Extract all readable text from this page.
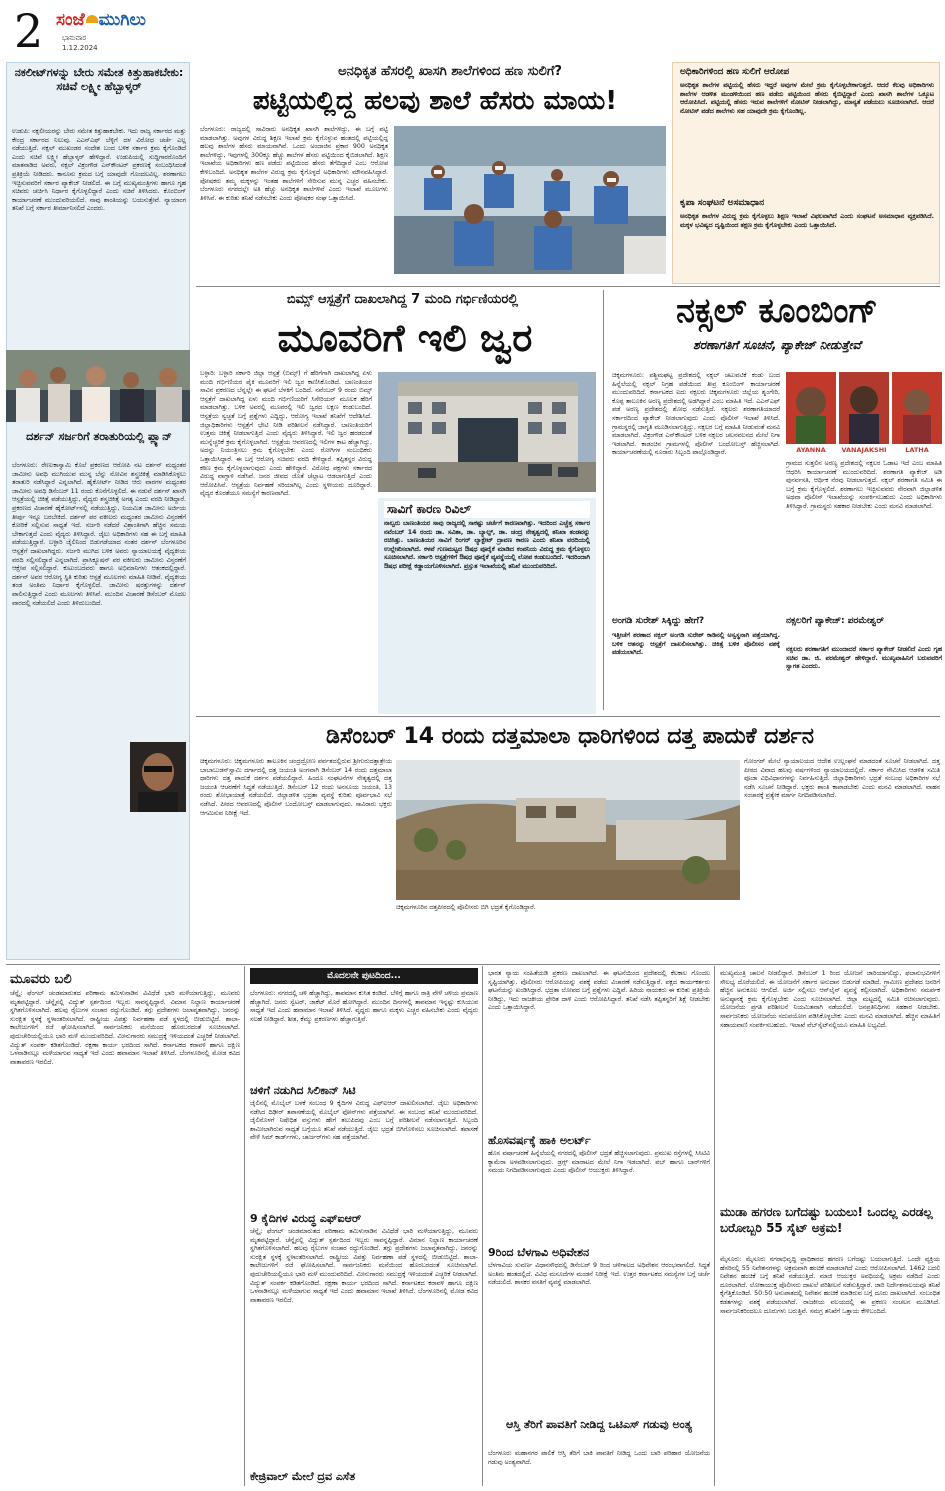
2 ಸಂಜೆ ಮುಗಿಲು
ಭಾನುವಾರ
1.12.2024
ನಕಲೀಟ್‌ಗಳನ್ನು ಬೇರು ಸಮೇತ ಕಿತ್ತುಹಾಕಬೇಕು: ಸಚಿವೆ ಲಕ್ಷ್ಮೀ ಹೆಬ್ಬಾಳ್ಕರ್
ಉಡುಪಿ: ನಕ್ಸಲೀಯರನ್ನು ಬೇರು ಸಮೇತ ಕಿತ್ತುಹಾಕಬೇಕು. ಇದು ರಾಜ್ಯ ಸರ್ಕಾರದ ಮತ್ತು ಕೇಂದ್ರ ಸರ್ಕಾರದ ನಿಲುವು. ಎಎನ್‌ಎಫ್ ಬೆಳ್ಳಿಗೆ ದಳ ವಿರೋಧ ಚರ್ಚೆ ಎಲ್ಲ ನಡೆಯುತ್ತಿದೆ. ನಕ್ಸಲ್ ಮುಖಂಡರ ಸಂದೇಶ ಬಂದ ಬಳಿಕ ಸರ್ಕಾರ ಕ್ರಮ ಕೈಗೊಂಡಿದೆ ಎಂದು ಸಚಿವೆ ಲಕ್ಷ್ಮೀ ಹೆಬ್ಬಾಳ್ಕರ್ ಹೇಳಿದ್ದಾರೆ. ಉಡುಪಿಯಲ್ಲಿ ಸುದ್ದಿಗಾರರೊಂದಿಗೆ ಮಾತನಾಡಿದ ಅವರು, ನಕ್ಸಲ್ ವಿಕ್ರಂಗೌಡ ಎನ್‌ಕೌಂಟರ್ ಪ್ರಕರಣಕ್ಕೆ ಸಂಬಂಧಿಸಿದಂತೆ ಪ್ರತಿಕ್ರಿಯೆ ನೀಡಿದರು. ಕಾನೂನು ಕ್ರಮದ ಬಗ್ಗೆ ಯಾವುದೇ ಗೊಂದಲವಿಲ್ಲ. ಶರಣಾಗಲು ಇಚ್ಛಿಸುವವರಿಗೆ ಸರ್ಕಾರ ಪ್ಯಾಕೇಜ್ ನೀಡಲಿದೆ. ಈ ಬಗ್ಗೆ ಮುಖ್ಯಮಂತ್ರಿಗಳು ಹಾಗೂ ಗೃಹ ಸಚಿವರು ಚರ್ಚಿಸಿ ನಿರ್ಧಾರ ಕೈಗೊಳ್ಳಲಿದ್ದಾರೆ ಎಂದು ಸಚಿವೆ ತಿಳಿಸಿದರು. ಕೊಂಬಿಂಗ್ ಕಾರ್ಯಾಚರಣೆ ಮುಂದುವರಿಯಲಿದೆ. ನಾವು ಶಾಂತಿಯನ್ನು ಬಯಸುತ್ತೇವೆ. ನ್ಯಾಯಾಂಗ ತನಿಖೆ ಬಗ್ಗೆ ಸರ್ಕಾರ ತೀರ್ಮಾನಿಸಲಿದೆ ಎಂದರು.
ದರ್ಶನ್ ಸರ್ಜರಿಗೆ ತರಾತುರಿಯಲ್ಲಿ ಪ್ಲ್ಯಾನ್
ಬೆಂಗಳೂರು: ರೇಣುಕಾಸ್ವಾಮಿ ಕೊಲೆ ಪ್ರಕರಣದ ಆರೋಪಿ ನಟ ದರ್ಶನ್ ಮಧ್ಯಂತರ ಜಾಮೀನು ಅವಧಿ ಮುಗಿಯುವ ಮುನ್ನ ಬೆನ್ನು ನೋವಿನ ಶಸ್ತ್ರಚಿಕಿತ್ಸೆ ಮಾಡಿಸಿಕೊಳ್ಳಲು ತರಾತುರಿ ನಡೆಸಿದ್ದಾರೆ ಎನ್ನಲಾಗಿದೆ. ಹೈಕೋರ್ಟ್ ನೀಡಿದ ಆರು ವಾರಗಳ ಮಧ್ಯಂತರ ಜಾಮೀನು ಅವಧಿ ಡಿಸೆಂಬರ್ 11 ರಂದು ಕೊನೆಗೊಳ್ಳಲಿದೆ. ಈ ನಡುವೆ ದರ್ಶನ್ ಖಾಸಗಿ ಆಸ್ಪತ್ರೆಯಲ್ಲಿ ಚಿಕಿತ್ಸೆ ಪಡೆಯುತ್ತಿದ್ದು, ವೈದ್ಯರು ಶಸ್ತ್ರಚಿಕಿತ್ಸೆ ಅಗತ್ಯ ಎಂದು ವರದಿ ನೀಡಿದ್ದಾರೆ. ಪ್ರಕರಣದ ವಿಚಾರಣೆ ಹೈಕೋರ್ಟ್‌ನಲ್ಲಿ ನಡೆಯುತ್ತಿದ್ದು, ನಿಯಮಿತ ಜಾಮೀನು ಅರ್ಜಿಯ ತೀರ್ಪು ಇನ್ನೂ ಬರಬೇಕಿದೆ. ದರ್ಶನ್ ಪರ ವಕೀಲರು ಮಧ್ಯಂತರ ಜಾಮೀನು ವಿಸ್ತರಣೆಗೆ ಕೋರಿಕೆ ಸಲ್ಲಿಸುವ ಸಾಧ್ಯತೆ ಇದೆ. ಸರ್ಜರಿ ನಡೆದರೆ ವಿಶ್ರಾಂತಿಗಾಗಿ ಹೆಚ್ಚಿನ ಸಮಯ ಬೇಕಾಗುತ್ತದೆ ಎಂದು ವೈದ್ಯರು ತಿಳಿಸಿದ್ದಾರೆ. ಜೈಲು ಅಧಿಕಾರಿಗಳು ಸಹ ಈ ಬಗ್ಗೆ ಮಾಹಿತಿ ಪಡೆಯುತ್ತಿದ್ದಾರೆ. ಬಳ್ಳಾರಿ ಜೈಲಿನಿಂದ ಬಿಡುಗಡೆಯಾದ ನಂತರ ದರ್ಶನ್ ಬೆಂಗಳೂರಿನ ಆಸ್ಪತ್ರೆಗೆ ದಾಖಲಾಗಿದ್ದರು. ಸರ್ಜರಿ ಮುಗಿದ ಬಳಿಕ ಅವರು ನ್ಯಾಯಾಲಯಕ್ಕೆ ವೈದ್ಯಕೀಯ ವರದಿ ಸಲ್ಲಿಸಲಿದ್ದಾರೆ ಎನ್ನಲಾಗಿದೆ. ಪ್ರಾಸಿಕ್ಯೂಷನ್ ಪರ ವಕೀಲರು ಜಾಮೀನು ವಿಸ್ತರಣೆಗೆ ಆಕ್ಷೇಪ ಸಲ್ಲಿಸಲಿದ್ದಾರೆ. ಕುಟುಂಬದವರು ಹಾಗೂ ಅಭಿಮಾನಿಗಳು ಆತಂಕದಲ್ಲಿದ್ದಾರೆ. ದರ್ಶನ್ ಅವರ ಆರೋಗ್ಯ ಸ್ಥಿತಿ ಕುರಿತು ಆಸ್ಪತ್ರೆ ಮೂಲಗಳು ಮಾಹಿತಿ ನೀಡಿವೆ. ವೈದ್ಯಕೀಯ ತಂಡ ಅಂತಿಮ ನಿರ್ಧಾರ ಕೈಗೊಳ್ಳಲಿದೆ. ಜಾಮೀನು ಷರತ್ತುಗಳನ್ನು ದರ್ಶನ್ ಪಾಲಿಸುತ್ತಿದ್ದಾರೆ ಎಂದು ಮೂಲಗಳು ತಿಳಿಸಿವೆ. ಮುಂದಿನ ವಿಚಾರಣೆ ಡಿಸೆಂಬರ್ ಮೊದಲ ವಾರದಲ್ಲಿ ನಡೆಯಲಿದೆ ಎಂದು ತಿಳಿದುಬಂದಿದೆ.
ಅನಧಿಕೃತ ಹೆಸರಲ್ಲಿ ಖಾಸಗಿ ಶಾಲೆಗಳಿಂದ ಹಣ ಸುಲಿಗೆ?
ಪಟ್ಟಿಯಲ್ಲಿದ್ದ ಹಲವು ಶಾಲೆ ಹೆಸರು ಮಾಯ!
ಬೆಂಗಳೂರು: ರಾಜ್ಯದಲ್ಲಿ ಸಾವಿರಾರು ಅನಧಿಕೃತ ಖಾಸಗಿ ಶಾಲೆಗಳಿದ್ದು, ಈ ಬಗ್ಗೆ ಪಟ್ಟಿ ಮಾಡಲಾಗಿತ್ತು. ಅವುಗಳ ವಿರುದ್ಧ ಶಿಕ್ಷಣ ಇಲಾಖೆ ಕ್ರಮ ಕೈಗೊಳ್ಳುವ ಹಂತದಲ್ಲಿ ಪಟ್ಟಿಯಲ್ಲಿದ್ದ ಹಲವು ಶಾಲೆಗಳ ಹೆಸರು ಮಾಯವಾಗಿವೆ. ಒಂದು ಅಂದಾಜಿನ ಪ್ರಕಾರ 900 ಅನಧಿಕೃತ ಶಾಲೆಗಳಿದ್ದು, ಇವುಗಳಲ್ಲಿ 300ಕ್ಕೂ ಹೆಚ್ಚು ಶಾಲೆಗಳ ಹೆಸರು ಪಟ್ಟಿಯಿಂದ ಕೈಬಿಡಲಾಗಿದೆ. ಶಿಕ್ಷಣ ಇಲಾಖೆಯ ಅಧಿಕಾರಿಗಳು ಹಣ ಪಡೆದು ಪಟ್ಟಿಯಿಂದ ಹೆಸರು ತೆಗೆದಿದ್ದಾರೆ ಎಂಬ ಆರೋಪ ಕೇಳಿಬಂದಿದೆ. ಅನಧಿಕೃತ ಶಾಲೆಗಳ ವಿರುದ್ಧ ಕ್ರಮ ಕೈಗೊಳ್ಳದೆ ಅಧಿಕಾರಿಗಳು ಮೌನವಹಿಸಿದ್ದಾರೆ. ಪೋಷಕರು ತಮ್ಮ ಮಕ್ಕಳನ್ನು ಇಂತಹ ಶಾಲೆಗಳಿಗೆ ಸೇರಿಸುವ ಮುನ್ನ ಎಚ್ಚರ ವಹಿಸಬೇಕು. ಬೆಂಗಳೂರು ನಗರದಲ್ಲೇ ಅತಿ ಹೆಚ್ಚು ಅನಧಿಕೃತ ಶಾಲೆಗಳಿವೆ ಎಂದು ಇಲಾಖೆ ಮೂಲಗಳು ತಿಳಿಸಿವೆ. ಈ ಕುರಿತು ತನಿಖೆ ನಡೆಸಬೇಕು ಎಂದು ಪೋಷಕರ ಸಂಘ ಒತ್ತಾಯಿಸಿದೆ.
ಅಧಿಕಾರಿಗಳಿಂದ ಹಣ ಸುಲಿಗೆ ಆರೋಪ
ಅನಧಿಕೃತ ಶಾಲೆಗಳ ಪಟ್ಟಿಯಲ್ಲಿ ಹೆಸರು ಇದ್ದರೆ ಅವುಗಳ ಮೇಲೆ ಕ್ರಮ ಕೈಗೊಳ್ಳಬೇಕಾಗುತ್ತದೆ. ಆದರೆ ಕೆಲವು ಅಧಿಕಾರಿಗಳು ಶಾಲೆಗಳ ಆಡಳಿತ ಮಂಡಳಿಯಿಂದ ಹಣ ಪಡೆದು ಪಟ್ಟಿಯಿಂದ ಹೆಸರು ಕೈಬಿಟ್ಟಿದ್ದಾರೆ ಎಂದು ಖಾಸಗಿ ಶಾಲೆಗಳ ಒಕ್ಕೂಟ ಆರೋಪಿಸಿದೆ. ಪಟ್ಟಿಯಲ್ಲಿ ಹೆಸರು ಇರುವ ಶಾಲೆಗಳಿಗೆ ನೋಟಿಸ್ ನೀಡಲಾಗಿದ್ದು, ಮಾನ್ಯತೆ ಪಡೆಯಲು ಸೂಚಿಸಲಾಗಿದೆ. ಆದರೆ ನೋಟಿಸ್ ಪಡೆದ ಶಾಲೆಗಳು ಸಹ ಯಾವುದೇ ಕ್ರಮ ಕೈಗೊಂಡಿಲ್ಲ.
ಕೃಪಾ ಸಂಘಟನೆ ಅಸಮಾಧಾನ
ಅನಧಿಕೃತ ಶಾಲೆಗಳ ವಿರುದ್ಧ ಕ್ರಮ ಕೈಗೊಳ್ಳಲು ಶಿಕ್ಷಣ ಇಲಾಖೆ ವಿಫಲವಾಗಿದೆ ಎಂದು ಸಂಘಟನೆ ಅಸಮಾಧಾನ ವ್ಯಕ್ತಪಡಿಸಿದೆ. ಮಕ್ಕಳ ಭವಿಷ್ಯದ ದೃಷ್ಟಿಯಿಂದ ತಕ್ಷಣ ಕ್ರಮ ಕೈಗೊಳ್ಳಬೇಕು ಎಂದು ಒತ್ತಾಯಿಸಿದೆ.
ಬಿಮ್ಸ್ ಆಸ್ಪತ್ರೆಗೆ ದಾಖಲಾಗಿದ್ದ 7 ಮಂದಿ ಗರ್ಭಿಣಿಯರಲ್ಲಿ
ಮೂವರಿಗೆ ಇಲಿ ಜ್ವರ
ಬಳ್ಳಾರಿ: ಬಳ್ಳಾರಿ ಸರ್ಕಾರಿ ಜಿಲ್ಲಾ ಆಸ್ಪತ್ರೆ (ಬಿಮ್ಸ್) ಗೆ ಹೆರಿಗೆಗಾಗಿ ದಾಖಲಾಗಿದ್ದ ಏಳು ಮಂದಿ ಗರ್ಭಿಣಿಯರ ಪೈಕಿ ಮೂವರಿಗೆ ಇಲಿ ಜ್ವರ ಕಾಣಿಸಿಕೊಂಡಿದೆ. ಬಾಣಂತಿಯರ ಸಾವಿನ ಪ್ರಕರಣದ ಬೆನ್ನಲ್ಲೇ ಈ ಘಟನೆ ಬೆಳಕಿಗೆ ಬಂದಿದೆ. ನವೆಂಬರ್ 9 ರಂದು ಬಿಮ್ಸ್ ಆಸ್ಪತ್ರೆಗೆ ದಾಖಲಾಗಿದ್ದ ಏಳು ಮಂದಿ ಗರ್ಭಿಣಿಯರಿಗೆ ಸಿಸೇರಿಯನ್ ಮೂಲಕ ಹೆರಿಗೆ ಮಾಡಲಾಗಿತ್ತು. ಬಳಿಕ ಅವರಲ್ಲಿ ಮೂವರಲ್ಲಿ ಇಲಿ ಜ್ವರದ ಲಕ್ಷಣ ಕಂಡುಬಂದಿದೆ. ಆಸ್ಪತ್ರೆಯ ಸ್ವಚ್ಛತೆ ಬಗ್ಗೆ ಪ್ರಶ್ನೆಗಳು ಎದ್ದಿದ್ದು, ಆರೋಗ್ಯ ಇಲಾಖೆ ತನಿಖೆಗೆ ಆದೇಶಿಸಿದೆ. ಜಿಲ್ಲಾಧಿಕಾರಿಗಳು ಆಸ್ಪತ್ರೆಗೆ ಭೇಟಿ ನೀಡಿ ಪರಿಶೀಲನೆ ನಡೆಸಿದ್ದಾರೆ. ಬಾಣಂತಿಯರಿಗೆ ಉತ್ತಮ ಚಿಕಿತ್ಸೆ ನೀಡಲಾಗುತ್ತಿದೆ ಎಂದು ವೈದ್ಯರು ತಿಳಿಸಿದ್ದಾರೆ. ಇಲಿ ಜ್ವರ ಹರಡದಂತೆ ಮುನ್ನೆಚ್ಚರಿಕೆ ಕ್ರಮ ಕೈಗೊಳ್ಳಲಾಗಿದೆ. ಆಸ್ಪತ್ರೆಯ ಆವರಣದಲ್ಲಿ ಇಲಿಗಳ ಕಾಟ ಹೆಚ್ಚಾಗಿದ್ದು, ಅದನ್ನು ನಿಯಂತ್ರಿಸಲು ಕ್ರಮ ಕೈಗೊಳ್ಳಬೇಕು ಎಂದು ರೋಗಿಗಳ ಸಂಬಂಧಿಕರು ಒತ್ತಾಯಿಸಿದ್ದಾರೆ. ಈ ಬಗ್ಗೆ ಆರೋಗ್ಯ ಸಚಿವರು ವರದಿ ಕೇಳಿದ್ದಾರೆ. ತಪ್ಪಿತಸ್ಥರ ವಿರುದ್ಧ ಕಠಿಣ ಕ್ರಮ ಕೈಗೊಳ್ಳಲಾಗುವುದು ಎಂದು ಹೇಳಿದ್ದಾರೆ. ವಿರೋಧ ಪಕ್ಷಗಳು ಸರ್ಕಾರದ ವಿರುದ್ಧ ವಾಗ್ದಾಳಿ ನಡೆಸಿವೆ. ಜನರ ಜೀವದ ಜೊತೆ ಚೆಲ್ಲಾಟ ಆಡಲಾಗುತ್ತಿದೆ ಎಂದು ಆರೋಪಿಸಿವೆ. ಆಸ್ಪತ್ರೆಯ ನಿರ್ವಹಣೆ ಸರಿಯಾಗಿಲ್ಲ ಎಂದು ಸ್ಥಳೀಯರು ದೂರಿದ್ದಾರೆ. ವೈದ್ಯರ ಕೊರತೆಯೂ ಸಮಸ್ಯೆಗೆ ಕಾರಣವಾಗಿದೆ.
ಸಾವಿಗೆ ಕಾರಣ ರಿವಿಲ್
ನಾಲ್ವರು ಬಾಣಂತಿಯರ ಸಾವು ರಾಜ್ಯದಲ್ಲಿ ಸಾಕಷ್ಟು ಚರ್ಚೆಗೆ ಕಾರಣವಾಗಿತ್ತು. ಇದರಿಂದ ಎಚ್ಚೆತ್ತ ಸರ್ಕಾರ ನವೆಂಬರ್ 14 ರಂದು ಡಾ. ಸವಿತಾ, ಡಾ. ಬ್ಯಾಲ್ಪ್, ಡಾ. ಚಂದ್ರ ನೇತೃತ್ವದಲ್ಲಿ ತನಿಖಾ ತಂಡವನ್ನು ರಚಿಸಿತ್ತು. ಬಾಣಂತಿಯರ ಸಾವಿಗೆ ರಿಂಗರ್ ಲ್ಯಾಕ್ಟೇಟ್ ದ್ರಾವಣ ಕಾರಣ ಎಂದು ತನಿಖಾ ವರದಿಯಲ್ಲಿ ಉಲ್ಲೇಖಿಸಲಾಗಿದೆ. ಕಳಪೆ ಗುಣಮಟ್ಟದ ಔಷಧ ಪೂರೈಕೆ ಮಾಡಿದ ಕಂಪನಿಯ ವಿರುದ್ಧ ಕ್ರಮ ಕೈಗೊಳ್ಳಲು ಸೂಚಿಸಲಾಗಿದೆ. ಸರ್ಕಾರಿ ಆಸ್ಪತ್ರೆಗಳಿಗೆ ಔಷಧ ಪೂರೈಕೆ ವ್ಯವಸ್ಥೆಯಲ್ಲಿ ಲೋಪ ಕಂಡುಬಂದಿದೆ. ಇದರಿಂದಾಗಿ ಔಷಧ ಪರೀಕ್ಷೆ ಕಡ್ಡಾಯಗೊಳಿಸಲಾಗಿದೆ. ಪ್ರಸ್ತುತ ಇಲಾಖೆಯಲ್ಲಿ ತನಿಖೆ ಮುಂದುವರಿದಿದೆ.
ನಕ್ಸಲ್ ಕೂಂಬಿಂಗ್
ಶರಣಾಗತಿಗೆ ಸೂಚನೆ, ಪ್ಯಾಕೇಜ್ ನೀಡುತ್ತೇವೆ
ಚಿಕ್ಕಮಗಳೂರು: ಪಶ್ಚಿಮಘಟ್ಟ ಪ್ರದೇಶದಲ್ಲಿ ನಕ್ಸಲ್ ಚಟುವಟಿಕೆ ಕಂಡು ಬಂದ ಹಿನ್ನೆಲೆಯಲ್ಲಿ ನಕ್ಸಲ್ ನಿಗ್ರಹ ಪಡೆಯಿಂದ ತೀವ್ರ ಕೂಂಬಿಂಗ್ ಕಾರ್ಯಾಚರಣೆ ಮುಂದುವರಿದಿದೆ. ಕರ್ನಾಟಕದ ಐದು ನಕ್ಸಲರು ಚಿಕ್ಕಮಗಳೂರು ಜಿಲ್ಲೆಯ ಶೃಂಗೇರಿ, ಕೊಪ್ಪ ತಾಲೂಕಿನ ಅರಣ್ಯ ಪ್ರದೇಶದಲ್ಲಿ ಅಡಗಿದ್ದಾರೆ ಎಂಬ ಮಾಹಿತಿ ಇದೆ. ಎಎನ್‌ಎಫ್ ಪಡೆ ಅರಣ್ಯ ಪ್ರದೇಶದಲ್ಲಿ ಶೋಧ ನಡೆಸುತ್ತಿದೆ. ನಕ್ಸಲರು ಶರಣಾಗತಿಯಾದರೆ ಸರ್ಕಾರದಿಂದ ಪ್ಯಾಕೇಜ್ ನೀಡಲಾಗುವುದು ಎಂದು ಪೊಲೀಸ್ ಇಲಾಖೆ ತಿಳಿಸಿದೆ. ಗ್ರಾಮಸ್ಥರಲ್ಲಿ ಜಾಗೃತಿ ಮೂಡಿಸಲಾಗುತ್ತಿದ್ದು, ನಕ್ಸಲರ ಬಗ್ಗೆ ಮಾಹಿತಿ ನೀಡುವಂತೆ ಮನವಿ ಮಾಡಲಾಗಿದೆ. ವಿಕ್ರಂಗೌಡ ಎನ್‌ಕೌಂಟರ್ ಬಳಿಕ ನಕ್ಸಲರ ಚಲನವಲನದ ಮೇಲೆ ನಿಗಾ ಇಡಲಾಗಿದೆ. ಕಾಡಂಚಿನ ಗ್ರಾಮಗಳಲ್ಲಿ ಪೊಲೀಸ್ ಬಂದೋಬಸ್ತ್ ಹೆಚ್ಚಿಸಲಾಗಿದೆ. ಕಾರ್ಯಾಚರಣೆಯಲ್ಲಿ ನೂರಾರು ಸಿಬ್ಬಂದಿ ಪಾಲ್ಗೊಂಡಿದ್ದಾರೆ.	AYANNA	VANAJAKSHI	LATHA
ಗ್ರಾಮದ ಸುತ್ತಲಿನ ಅರಣ್ಯ ಪ್ರದೇಶದಲ್ಲಿ ನಕ್ಸಲರ ಓಡಾಟ ಇದೆ ಎಂಬ ಮಾಹಿತಿ ಆಧರಿಸಿ ಕಾರ್ಯಾಚರಣೆ ಮುಂದುವರಿದಿದೆ. ಶರಣಾಗತಿ ಪ್ಯಾಕೇಜ್ ಅಡಿ ಪುನರ್ವಸತಿ, ಆರ್ಥಿಕ ನೆರವು ನೀಡಲಾಗುತ್ತದೆ. ನಕ್ಸಲ್ ಶರಣಾಗತಿ ಸಮಿತಿ ಈ ಬಗ್ಗೆ ಕ್ರಮ ಕೈಗೊಳ್ಳಲಿದೆ. ಶರಣಾಗಲು ಇಚ್ಛಿಸುವವರು ನೇರವಾಗಿ ಜಿಲ್ಲಾಡಳಿತ ಅಥವಾ ಪೊಲೀಸ್ ಇಲಾಖೆಯನ್ನು ಸಂಪರ್ಕಿಸಬಹುದು ಎಂದು ಅಧಿಕಾರಿಗಳು ತಿಳಿಸಿದ್ದಾರೆ. ಗ್ರಾಮಸ್ಥರು ಸಹಕಾರ ನೀಡಬೇಕು ಎಂದು ಮನವಿ ಮಾಡಲಾಗಿದೆ.
ಅಂಗಡಿ ಸುರೇಶ್ ಸಿಕ್ಕಿದ್ದು ಹೇಗೆ?
ಇತ್ತೀಚೆಗೆ ಶರಣಾದ ನಕ್ಸಲ್ ಅಂಗಡಿ ಸುರೇಶ್ ಕಾಡಿನಲ್ಲಿ ಅಸ್ವಸ್ಥನಾಗಿ ಪತ್ತೆಯಾಗಿದ್ದ. ಬಳಿಕ ಆತನನ್ನು ಆಸ್ಪತ್ರೆಗೆ ದಾಖಲಿಸಲಾಗಿತ್ತು. ಚಿಕಿತ್ಸೆ ಬಳಿಕ ಪೊಲೀಸರ ವಶಕ್ಕೆ ಪಡೆಯಲಾಗಿದೆ.
ನಕ್ಸಲರಿಗೆ ಪ್ಯಾಕೇಜ್: ಪರಮೇಶ್ವರ್
ನಕ್ಸಲರು ಶರಣಾಗತಿಗೆ ಮುಂದಾದರೆ ಸರ್ಕಾರ ಪ್ಯಾಕೇಜ್ ನೀಡಲಿದೆ ಎಂದು ಗೃಹ ಸಚಿವ ಡಾ. ಜಿ. ಪರಮೇಶ್ವರ್ ಹೇಳಿದ್ದಾರೆ. ಮುಖ್ಯವಾಹಿನಿಗೆ ಬರುವವರಿಗೆ ಸ್ವಾಗತ ಎಂದರು.
ಡಿಸೆಂಬರ್ 14 ರಂದು ದತ್ತಮಾಲಾ ಧಾರಿಗಳಿಂದ ದತ್ತ ಪಾದುಕೆ ದರ್ಶನ
ಚಿಕ್ಕಮಗಳೂರು: ಚಿಕ್ಕಮಗಳೂರು ತಾಲೂಕಿನ ಚಂದ್ರದ್ರೋಣ ಪರ್ವತದಲ್ಲಿರುವ ಶ್ರೀಗುರುದತ್ತಾತ್ರೇಯ ಬಾಬಾಬುಡನ್‌ಸ್ವಾಮಿ ದರ್ಗಾದಲ್ಲಿ ದತ್ತ ಜಯಂತಿ ಅಂಗವಾಗಿ ಡಿಸೆಂಬರ್ 14 ರಂದು ದತ್ತಮಾಲಾ ಧಾರಿಗಳು ದತ್ತ ಪಾದುಕೆ ದರ್ಶನ ಪಡೆಯಲಿದ್ದಾರೆ. ಹಿಂದೂ ಸಂಘಟನೆಗಳ ನೇತೃತ್ವದಲ್ಲಿ ದತ್ತ ಜಯಂತಿ ಆಚರಣೆಗೆ ಸಿದ್ಧತೆ ನಡೆಯುತ್ತಿದೆ. ಡಿಸೆಂಬರ್ 12 ರಂದು ಅನಸೂಯ ಜಯಂತಿ, 13 ರಂದು ಶೋಭಾಯಾತ್ರೆ ನಡೆಯಲಿದೆ. ಜಿಲ್ಲಾಡಳಿತ ಭದ್ರತಾ ವ್ಯವಸ್ಥೆ ಕುರಿತು ಪೂರ್ವಭಾವಿ ಸಭೆ ನಡೆಸಿದೆ. ಪೀಠದ ಆವರಣದಲ್ಲಿ ಪೊಲೀಸ್ ಬಂದೋಬಸ್ತ್ ಮಾಡಲಾಗುವುದು. ಸಾವಿರಾರು ಭಕ್ತರು ಆಗಮಿಸುವ ನಿರೀಕ್ಷೆ ಇದೆ.
ಚಿಕ್ಕಮಗಳೂರಿನ ದತ್ತಪೀಠದಲ್ಲಿ ಪೊಲೀಸರು ಬಿಗಿ ಭದ್ರತೆ ಕೈಗೊಂಡಿದ್ದಾರೆ.
ಗೋಂಗರ್ ಮೇಲೆ ನ್ಯಾಯಾಲಯದ ಆದೇಶ ಉಲ್ಲಂಘನೆ ಮಾಡದಂತೆ ಸೂಚನೆ ನೀಡಲಾಗಿದೆ. ದತ್ತ ಪೀಠದ ವಿವಾದ ಹಲವು ವರ್ಷಗಳಿಂದ ನ್ಯಾಯಾಲಯದಲ್ಲಿದೆ. ಸರ್ಕಾರ ನೇಮಿಸಿದ ಆಡಳಿತ ಸಮಿತಿ ಪೂಜಾ ವಿಧಿವಿಧಾನಗಳನ್ನು ನಿರ್ವಹಿಸುತ್ತಿದೆ. ಜಿಲ್ಲಾಧಿಕಾರಿಗಳು ಭದ್ರತೆ ಸಂಬಂಧ ಅಧಿಕಾರಿಗಳ ಸಭೆ ನಡೆಸಿ ಸೂಚನೆ ನೀಡಿದ್ದಾರೆ. ಭಕ್ತರು ಶಾಂತಿ ಕಾಪಾಡಬೇಕು ಎಂದು ಮನವಿ ಮಾಡಲಾಗಿದೆ. ವಾಹನ ಸಂಚಾರಕ್ಕೆ ಪ್ರತ್ಯೇಕ ಮಾರ್ಗ ನಿಗದಿಪಡಿಸಲಾಗಿದೆ.
ಮೂವರು ಬಲಿ
ಚೆನ್ನೈ: ಫೆಂಗಲ್ ಚಂಡಮಾರುತದ ಪರಿಣಾಮ ತಮಿಳುನಾಡಿನ ವಿವಿಧೆಡೆ ಭಾರಿ ಮಳೆಯಾಗುತ್ತಿದ್ದು, ಮೂವರು ಮೃತಪಟ್ಟಿದ್ದಾರೆ. ಚೆನ್ನೈನಲ್ಲಿ ವಿದ್ಯುತ್ ಸ್ಪರ್ಶದಿಂದ ಇಬ್ಬರು ಸಾವನ್ನಪ್ಪಿದ್ದಾರೆ. ವಿಮಾನ ನಿಲ್ದಾಣ ಕಾರ್ಯಾಚರಣೆ ಸ್ಥಗಿತಗೊಳಿಸಲಾಗಿದೆ. ಹಲವು ರೈಲುಗಳ ಸಂಚಾರ ರದ್ದುಗೊಂಡಿದೆ. ತಗ್ಗು ಪ್ರದೇಶಗಳು ಜಲಾವೃತವಾಗಿದ್ದು, ಜನರನ್ನು ಸುರಕ್ಷಿತ ಸ್ಥಳಕ್ಕೆ ಸ್ಥಳಾಂತರಿಸಲಾಗಿದೆ. ರಾಷ್ಟ್ರೀಯ ವಿಪತ್ತು ನಿರ್ವಹಣಾ ಪಡೆ ಸ್ಥಳದಲ್ಲಿ ಬೀಡುಬಿಟ್ಟಿದೆ. ಶಾಲಾ-ಕಾಲೇಜುಗಳಿಗೆ ರಜೆ ಘೋಷಿಸಲಾಗಿದೆ. ಸಾರ್ವಜನಿಕರು ಮನೆಯಿಂದ ಹೊರಬರದಂತೆ ಸೂಚಿಸಲಾಗಿದೆ. ಪುದುಚೇರಿಯಲ್ಲಿಯೂ ಭಾರಿ ಮಳೆ ಮುಂದುವರಿದಿದೆ. ಮೀನುಗಾರರು ಸಮುದ್ರಕ್ಕೆ ಇಳಿಯದಂತೆ ಎಚ್ಚರಿಕೆ ನೀಡಲಾಗಿದೆ. ವಿದ್ಯುತ್ ಸಂಪರ್ಕ ಕಡಿತಗೊಂಡಿದೆ. ರಕ್ಷಣಾ ಕಾರ್ಯ ಭರದಿಂದ ಸಾಗಿದೆ. ಕರ್ನಾಟಕದ ಕರಾವಳಿ ಹಾಗೂ ದಕ್ಷಿಣ ಒಳನಾಡಿನಲ್ಲೂ ಮಳೆಯಾಗುವ ಸಾಧ್ಯತೆ ಇದೆ ಎಂದು ಹವಾಮಾನ ಇಲಾಖೆ ತಿಳಿಸಿದೆ. ಬೆಂಗಳೂರಿನಲ್ಲಿ ಮೋಡ ಕವಿದ ವಾತಾವರಣ ಇರಲಿದೆ.
ಮೊದಲನೇ ಪುಟದಿಂದ...
ಬೆಂಗಳೂರು: ನಗರದಲ್ಲಿ ಚಳಿ ಹೆಚ್ಚಾಗಿದ್ದು, ತಾಪಮಾನ ಕುಸಿತ ಕಂಡಿದೆ. ಬೆಳಿಗ್ಗೆ ಹಾಗೂ ರಾತ್ರಿ ವೇಳೆ ಚಳಿಯ ಪ್ರಮಾಣ ಹೆಚ್ಚಾಗಿದೆ. ಜನರು ಸ್ವೆಟರ್, ಜಾಕೆಟ್ ಮೊರೆ ಹೋಗಿದ್ದಾರೆ. ಮುಂದಿನ ದಿನಗಳಲ್ಲಿ ತಾಪಮಾನ ಇನ್ನಷ್ಟು ಕುಸಿಯುವ ಸಾಧ್ಯತೆ ಇದೆ ಎಂದು ಹವಾಮಾನ ಇಲಾಖೆ ತಿಳಿಸಿದೆ. ವೃದ್ಧರು ಹಾಗೂ ಮಕ್ಕಳು ಎಚ್ಚರ ವಹಿಸಬೇಕು ಎಂದು ವೈದ್ಯರು ಸಲಹೆ ನೀಡಿದ್ದಾರೆ. ಶೀತ, ಕೆಮ್ಮು ಪ್ರಕರಣಗಳು ಹೆಚ್ಚಾಗುತ್ತಿವೆ.
ಚಳಿಗೆ ನಡುಗಿದ ಸಿಲಿಕಾನ್ ಸಿಟಿ
ಜೈಲಿನಲ್ಲಿ ಮೊಬೈಲ್ ಬಳಕೆ ಸಂಬಂಧ 9 ಕೈದಿಗಳ ವಿರುದ್ಧ ಎಫ್‌ಐಆರ್ ದಾಖಲಿಸಲಾಗಿದೆ. ಜೈಲು ಅಧಿಕಾರಿಗಳು ನಡೆಸಿದ ದಿಢೀರ್ ತಪಾಸಣೆಯಲ್ಲಿ ಮೊಬೈಲ್ ಫೋನ್‌ಗಳು ಪತ್ತೆಯಾಗಿವೆ. ಈ ಸಂಬಂಧ ತನಿಖೆ ಮುಂದುವರಿದಿದೆ. ಜೈಲಿನೊಳಗೆ ನಿಷೇಧಿತ ವಸ್ತುಗಳು ಹೇಗೆ ತಲುಪಿದವು ಎಂಬ ಬಗ್ಗೆ ಪರಿಶೀಲನೆ ನಡೆಸಲಾಗುತ್ತಿದೆ. ಸಿಬ್ಬಂದಿ ಶಾಮೀಲಾಗಿರುವ ಸಾಧ್ಯತೆ ಬಗ್ಗೆಯೂ ತನಿಖೆ ನಡೆಯುತ್ತಿದೆ. ಜೈಲು ಭದ್ರತೆ ಬಿಗಿಗೊಳಿಸಲು ಸೂಚಿಸಲಾಗಿದೆ. ತಪಾಸಣೆ ವೇಳೆ ಸಿಮ್ ಕಾರ್ಡ್‌ಗಳು, ಚಾರ್ಜರ್‌ಗಳು ಸಹ ಪತ್ತೆಯಾಗಿವೆ.
9 ಕೈದಿಗಳ ವಿರುದ್ಧ ಎಫ್‌ಐಆರ್
ಚೆನ್ನೈ: ಫೆಂಗಲ್ ಚಂಡಮಾರುತದ ಪರಿಣಾಮ ತಮಿಳುನಾಡಿನ ವಿವಿಧೆಡೆ ಭಾರಿ ಮಳೆಯಾಗುತ್ತಿದ್ದು, ಮೂವರು ಮೃತಪಟ್ಟಿದ್ದಾರೆ. ಚೆನ್ನೈನಲ್ಲಿ ವಿದ್ಯುತ್ ಸ್ಪರ್ಶದಿಂದ ಇಬ್ಬರು ಸಾವನ್ನಪ್ಪಿದ್ದಾರೆ. ವಿಮಾನ ನಿಲ್ದಾಣ ಕಾರ್ಯಾಚರಣೆ ಸ್ಥಗಿತಗೊಳಿಸಲಾಗಿದೆ. ಹಲವು ರೈಲುಗಳ ಸಂಚಾರ ರದ್ದುಗೊಂಡಿದೆ. ತಗ್ಗು ಪ್ರದೇಶಗಳು ಜಲಾವೃತವಾಗಿದ್ದು, ಜನರನ್ನು ಸುರಕ್ಷಿತ ಸ್ಥಳಕ್ಕೆ ಸ್ಥಳಾಂತರಿಸಲಾಗಿದೆ. ರಾಷ್ಟ್ರೀಯ ವಿಪತ್ತು ನಿರ್ವಹಣಾ ಪಡೆ ಸ್ಥಳದಲ್ಲಿ ಬೀಡುಬಿಟ್ಟಿದೆ. ಶಾಲಾ-ಕಾಲೇಜುಗಳಿಗೆ ರಜೆ ಘೋಷಿಸಲಾಗಿದೆ. ಸಾರ್ವಜನಿಕರು ಮನೆಯಿಂದ ಹೊರಬರದಂತೆ ಸೂಚಿಸಲಾಗಿದೆ. ಪುದುಚೇರಿಯಲ್ಲಿಯೂ ಭಾರಿ ಮಳೆ ಮುಂದುವರಿದಿದೆ. ಮೀನುಗಾರರು ಸಮುದ್ರಕ್ಕೆ ಇಳಿಯದಂತೆ ಎಚ್ಚರಿಕೆ ನೀಡಲಾಗಿದೆ. ವಿದ್ಯುತ್ ಸಂಪರ್ಕ ಕಡಿತಗೊಂಡಿದೆ. ರಕ್ಷಣಾ ಕಾರ್ಯ ಭರದಿಂದ ಸಾಗಿದೆ. ಕರ್ನಾಟಕದ ಕರಾವಳಿ ಹಾಗೂ ದಕ್ಷಿಣ ಒಳನಾಡಿನಲ್ಲೂ ಮಳೆಯಾಗುವ ಸಾಧ್ಯತೆ ಇದೆ ಎಂದು ಹವಾಮಾನ ಇಲಾಖೆ ತಿಳಿಸಿದೆ. ಬೆಂಗಳೂರಿನಲ್ಲಿ ಮೋಡ ಕವಿದ ವಾತಾವರಣ ಇರಲಿದೆ.
ಕೇಜ್ರಿವಾಲ್ ಮೇಲೆ ದ್ರವ ಎಸೆತ
ಭಾರತ ನ್ಯಾಯ ಸಂಹಿತೆಯಡಿ ಪ್ರಕರಣ ದಾಖಲಾಗಿದೆ. ಈ ಘಟನೆಯಿಂದ ಪ್ರದೇಶದಲ್ಲಿ ಕೆಲಕಾಲ ಗೊಂದಲ ಸೃಷ್ಟಿಯಾಗಿತ್ತು. ಪೊಲೀಸರು ಆರೋಪಿಯನ್ನು ವಶಕ್ಕೆ ಪಡೆದು ವಿಚಾರಣೆ ನಡೆಸುತ್ತಿದ್ದಾರೆ. ಪಕ್ಷದ ಕಾರ್ಯಕರ್ತರು ಘಟನೆಯನ್ನು ಖಂಡಿಸಿದ್ದಾರೆ. ಭದ್ರತಾ ಲೋಪದ ಬಗ್ಗೆ ಪ್ರಶ್ನೆಗಳು ಎದ್ದಿವೆ. ಹಿರಿಯ ನಾಯಕರು ಈ ಕುರಿತು ಪ್ರತಿಕ್ರಿಯೆ ನೀಡಿದ್ದು, ಇದು ರಾಜಕೀಯ ಪ್ರೇರಿತ ದಾಳಿ ಎಂದು ಆರೋಪಿಸಿದ್ದಾರೆ. ತನಿಖೆ ನಡೆಸಿ ತಪ್ಪಿತಸ್ಥರಿಗೆ ಶಿಕ್ಷೆ ನೀಡಬೇಕು ಎಂದು ಒತ್ತಾಯಿಸಿದ್ದಾರೆ.
ಹೊಸವರ್ಷಕ್ಕೆ ಹಾಕಿ ಅಲರ್ಟ್
ಹೊಸ ವರ್ಷಾಚರಣೆ ಹಿನ್ನೆಲೆಯಲ್ಲಿ ನಗರದಲ್ಲಿ ಪೊಲೀಸ್ ಭದ್ರತೆ ಹೆಚ್ಚಿಸಲಾಗುವುದು. ಪ್ರಮುಖ ರಸ್ತೆಗಳಲ್ಲಿ ಸಿಸಿಟಿವಿ ಕ್ಯಾಮೆರಾ ಅಳವಡಿಸಲಾಗುವುದು. ಡ್ರಗ್ಸ್ ಮಾರಾಟದ ಮೇಲೆ ನಿಗಾ ಇಡಲಾಗಿದೆ. ಪಬ್ ಹಾಗೂ ಬಾರ್‌ಗಳಿಗೆ ಸಮಯ ನಿಗದಿಪಡಿಸಲಾಗುವುದು ಎಂದು ಪೊಲೀಸ್ ಆಯುಕ್ತರು ತಿಳಿಸಿದ್ದಾರೆ.
9ರಿಂದ ಬೆಳಗಾವಿ ಅಧಿವೇಶನ
ಬೆಳಗಾವಿಯ ಸುವರ್ಣ ವಿಧಾನಸೌಧದಲ್ಲಿ ಡಿಸೆಂಬರ್ 9 ರಿಂದ ಚಳಿಗಾಲದ ಅಧಿವೇಶನ ಆರಂಭವಾಗಲಿದೆ. ಸಿದ್ಧತೆ ಅಂತಿಮ ಹಂತದಲ್ಲಿದೆ. ವಿವಿಧ ಮಸೂದೆಗಳ ಮಂಡನೆ ನಿರೀಕ್ಷೆ ಇದೆ. ಉತ್ತರ ಕರ್ನಾಟಕದ ಸಮಸ್ಯೆಗಳ ಬಗ್ಗೆ ಚರ್ಚೆ ನಡೆಯಲಿದೆ. ಶಾಸಕರ ವಸತಿಗೆ ವ್ಯವಸ್ಥೆ ಮಾಡಲಾಗಿದೆ.
ಆಸ್ತಿ ತೆರಿಗೆ ಪಾವತಿಗೆ ನೀಡಿದ್ದ ಒಟಿಎಸ್ ಗಡುವು ಅಂತ್ಯ
ಬೆಂಗಳೂರು ಮಹಾನಗರ ಪಾಲಿಕೆ ಆಸ್ತಿ ತೆರಿಗೆ ಬಾಕಿ ಪಾವತಿಗೆ ನೀಡಿದ್ದ ಒಂದು ಬಾರಿ ಪರಿಹಾರ ಯೋಜನೆಯ ಗಡುವು ಅಂತ್ಯವಾಗಿದೆ.
ಮುಖ್ಯಮಂತ್ರಿ ಚಾಲನೆ ನೀಡಲಿದ್ದಾರೆ. ಡಿಸೆಂಬರ್ 1 ರಿಂದ ಯೋಜನೆ ಜಾರಿಯಾಗಲಿದ್ದು, ಫಲಾನುಭವಿಗಳಿಗೆ ಸೌಲಭ್ಯ ದೊರೆಯಲಿದೆ. ಈ ಯೋಜನೆಗೆ ಸರ್ಕಾರ ಅನುದಾನ ಬಿಡುಗಡೆ ಮಾಡಿದೆ. ಗ್ರಾಮೀಣ ಪ್ರದೇಶದ ಜನರಿಗೆ ಹೆಚ್ಚಿನ ಅನುಕೂಲ ಆಗಲಿದೆ. ಅರ್ಜಿ ಸಲ್ಲಿಸಲು ಆನ್‌ಲೈನ್ ವ್ಯವಸ್ಥೆ ಕಲ್ಪಿಸಲಾಗಿದೆ. ಅಧಿಕಾರಿಗಳು ಸಮರ್ಪಕ ಅನುಷ್ಠಾನಕ್ಕೆ ಕ್ರಮ ಕೈಗೊಳ್ಳಬೇಕು ಎಂದು ಸೂಚಿಸಲಾಗಿದೆ. ಜಿಲ್ಲಾ ಮಟ್ಟದಲ್ಲಿ ಸಮಿತಿ ರಚಿಸಲಾಗುವುದು. ಯೋಜನೆಯ ಪ್ರಗತಿ ಪರಿಶೀಲನೆ ನಿಯಮಿತವಾಗಿ ನಡೆಯಲಿದೆ. ಜನಪ್ರತಿನಿಧಿಗಳು ಸಹಕಾರ ನೀಡಬೇಕು. ಸಾರ್ವಜನಿಕರು ಯೋಜನೆಯ ಸದುಪಯೋಗ ಪಡಿಸಿಕೊಳ್ಳಬೇಕು ಎಂದು ಮನವಿ ಮಾಡಲಾಗಿದೆ. ಹೆಚ್ಚಿನ ಮಾಹಿತಿಗೆ ಸಹಾಯವಾಣಿ ಸಂಪರ್ಕಿಸಬಹುದು. ಇಲಾಖೆ ವೆಬ್‌ಸೈಟ್‌ನಲ್ಲಿಯೂ ಮಾಹಿತಿ ಲಭ್ಯವಿದೆ.
ಮುಡಾ ಹಗರಣ ಬಗೆದಷ್ಟು ಬಯಲು! ಒಂದಲ್ಲ ಎರಡಲ್ಲ ಬರೋಬ್ಬರಿ 55 ಸೈಟ್ ಅಕ್ರಮ!
ಮೈಸೂರು: ಮೈಸೂರು ನಗರಾಭಿವೃದ್ಧಿ ಪ್ರಾಧಿಕಾರದ ಹಗರಣ ಬಗೆದಷ್ಟು ಬಯಲಾಗುತ್ತಿದೆ. ಒಂದೇ ವ್ಯಕ್ತಿಯ ಹೆಸರಿನಲ್ಲಿ 55 ನಿವೇಶನಗಳನ್ನು ಅಕ್ರಮವಾಗಿ ಹಂಚಿಕೆ ಮಾಡಲಾಗಿದೆ ಎಂದು ಆರೋಪಿಸಲಾಗಿದೆ. 1462 ಬದಲಿ ನಿವೇಶನ ಹಂಚಿಕೆ ಬಗ್ಗೆ ತನಿಖೆ ನಡೆಯುತ್ತಿದೆ. ಮಾಜಿ ಆಯುಕ್ತರ ಅವಧಿಯಲ್ಲಿ ಅಕ್ರಮ ನಡೆದಿದೆ ಎಂದು ದೂರಲಾಗಿದೆ. ಲೋಕಾಯುಕ್ತ ಪೊಲೀಸರು ದಾಖಲೆ ಪರಿಶೀಲನೆ ನಡೆಸುತ್ತಿದ್ದಾರೆ. ಜಾರಿ ನಿರ್ದೇಶನಾಲಯವೂ ತನಿಖೆ ಕೈಗೆತ್ತಿಕೊಂಡಿದೆ. 50:50 ಅನುಪಾತದಲ್ಲಿ ನಿವೇಶನ ಹಂಚಿಕೆ ಮಾಡಿರುವ ಬಗ್ಗೆ ದೂರು ದಾಖಲಾಗಿದೆ. ಸಂಬಂಧಿತ ಕಡತಗಳನ್ನು ವಶಕ್ಕೆ ಪಡೆಯಲಾಗಿದೆ. ರಾಜಕೀಯ ವಲಯದಲ್ಲಿ ಈ ಪ್ರಕರಣ ಸಂಚಲನ ಮೂಡಿಸಿದೆ. ಸಾರ್ವಜನಿಕರಿಂದಲೂ ದೂರುಗಳು ಬರುತ್ತಿವೆ. ಸಮಗ್ರ ತನಿಖೆಗೆ ಒತ್ತಾಯ ಕೇಳಿಬಂದಿದೆ.
